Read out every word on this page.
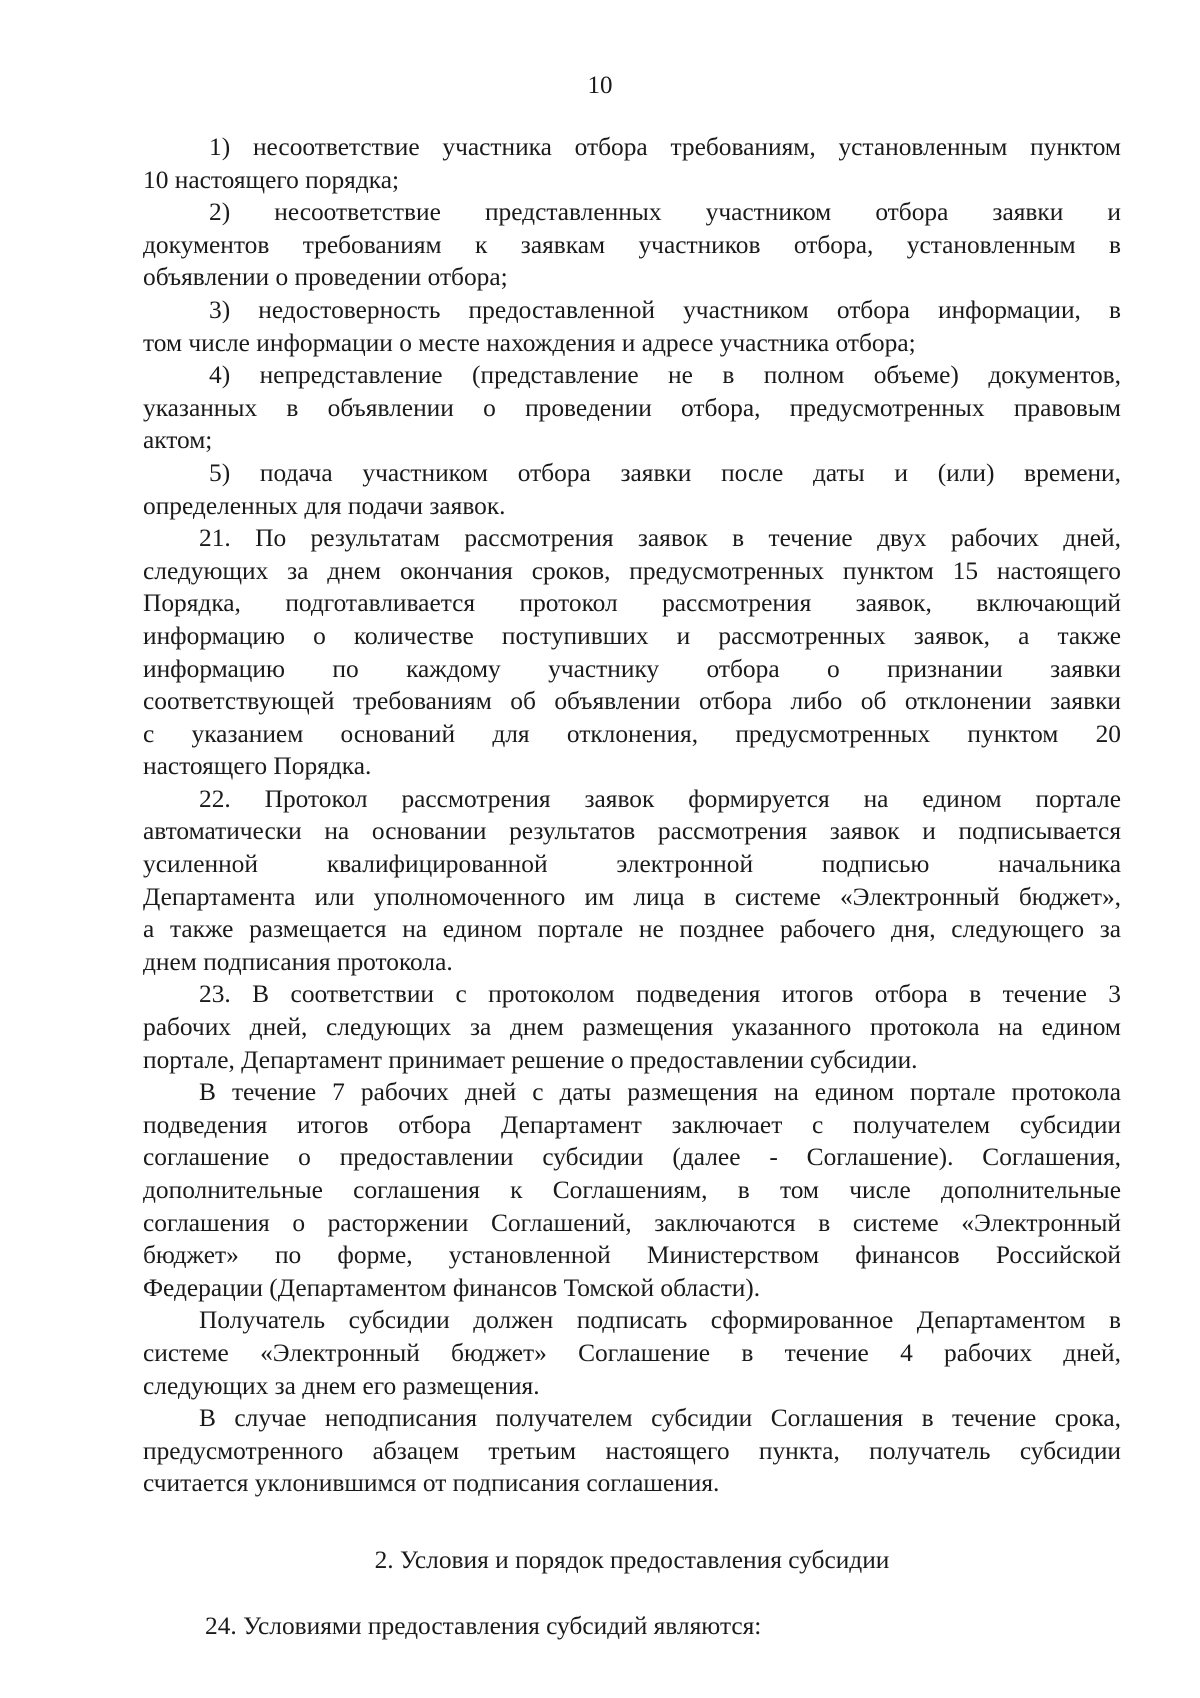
10

1) несоответствие участника отбора требованиям, установленным пунктом
10 настоящего порядка;

2) несоответствие представленных участником отбора заявки и
документов требованиям к заявкам участников отбора, установленным в
объявлении о проведении отбора;

3) недостоверность предоставленной участником отбора информации, в
том числе информации о месте нахождения и адресе участника отбора;

4) непредставление (представление не в полном объеме) документов,
указанных в объявлении о проведении отбора, предусмотренных правовым
актом;

5) подача участником отбора заявки после даты и (или) времени,
определенных для подачи заявок.

21. По результатам рассмотрения заявок в течение двух рабочих дней,
следующих за днем окончания сроков, предусмотренных пунктом 15 настоящего
Порядка, подготавливается протокол рассмотрения заявок, включающий
информацию о количестве поступивших и рассмотренных заявок, а также
информацию по каждому участнику отбора о признании заявки
соответствующей требованиям об объявлении отбора либо об отклонении заявки
с указанием оснований для отклонения, предусмотренных пунктом 20
настоящего Порядка.

22. Протокол рассмотрения заявок формируется на едином портале
автоматически на основании результатов рассмотрения заявок и подписывается
усиленной квалифицированной электронной подписью начальника
Департамента или уполномоченного им лица в системе «Электронный бюджет»,
а также размещается на едином портале не позднее рабочего дня, следующего за
днем подписания протокола.

23. В соответствии с протоколом подведения итогов отбора в течение 3
рабочих дней, следующих за днем размещения указанного протокола на едином
портале, Департамент принимает решение о предоставлении субсидии.

В течение 7 рабочих дней с даты размещения на едином портале протокола
подведения итогов отбора Департамент заключает с получателем субсидии
соглашение о предоставлении субсидии (далее - Соглашение). Соглашения,
дополнительные соглашения к Соглашениям, в том числе дополнительные
соглашения о расторжении Соглашений, заключаются в системе «Электронный
бюджет» по форме, установленной Министерством финансов Российской
Федерации (Департаментом финансов Томской области).

Получатель субсидии должен подписать сформированное Департаментом в
системе «Электронный бюджет» Соглашение в течение 4 рабочих дней,
следующих за днем его размещения.

В случае неподписания получателем субсидии Соглашения в течение срока,
предусмотренного абзацем третьим настоящего пункта, получатель субсидии
считается уклонившимся от подписания соглашения.

2. Условия и порядок предоставления субсидии
24. Условиями предоставления субсидий являются:
